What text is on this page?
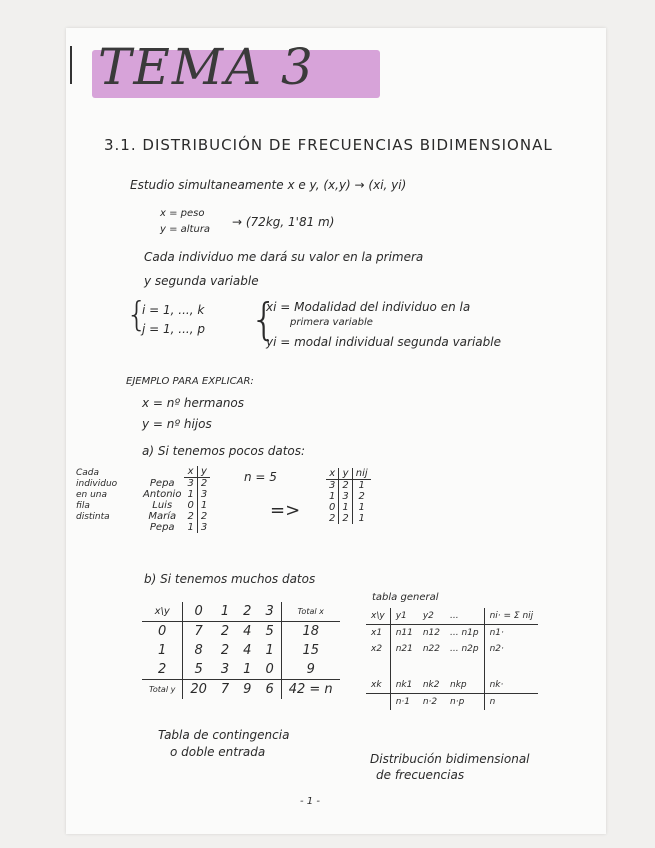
TEMA 3
3.1. DISTRIBUCIÓN DE FRECUENCIAS BIDIMENSIONAL
Estudio simultaneamente x e y, (x,y) → (xi, yi)
x = peso
y = altura
→ (72kg, 1'81 m)
Cada individuo me dará su valor en la primera
y segunda variable
{
i = 1, ..., k
j = 1, ..., p {
xi = Modalidad del individuo en la
primera variable
yi = modal individual segunda variable
EJEMPLO PARA EXPLICAR:
x = nº hermanos
y = nº hijos
a) Si tenemos pocos datos:
Cada
individuo
en una
fila
distinta
	x	y
Pepa	3	2
Antonio	1	3
Luis	0	1
María	2	2
Pepa	1	3
n = 5
=>
x	y	nij
3	2	1
1	3	2
0	1	1
2	2	1
b) Si tenemos muchos datos
tabla general
x\y	0	1	2	3	Total x
0	7	2	4	5	18
1	8	2	4	1	15
2	5	3	1	0	9
Total y	20	7	9	6	42 = n
Tabla de contingencia
o doble entrada
x\y	y1	y2	...	ni· = Σ nij
x1	n11	n12	... n1p	n1·
x2	n21	n22	... n2p	n2·

xk	nk1	nk2	nkp	nk·
	n·1	n·2	n·p	n
Distribución bidimensional
de frecuencias
- 1 -
